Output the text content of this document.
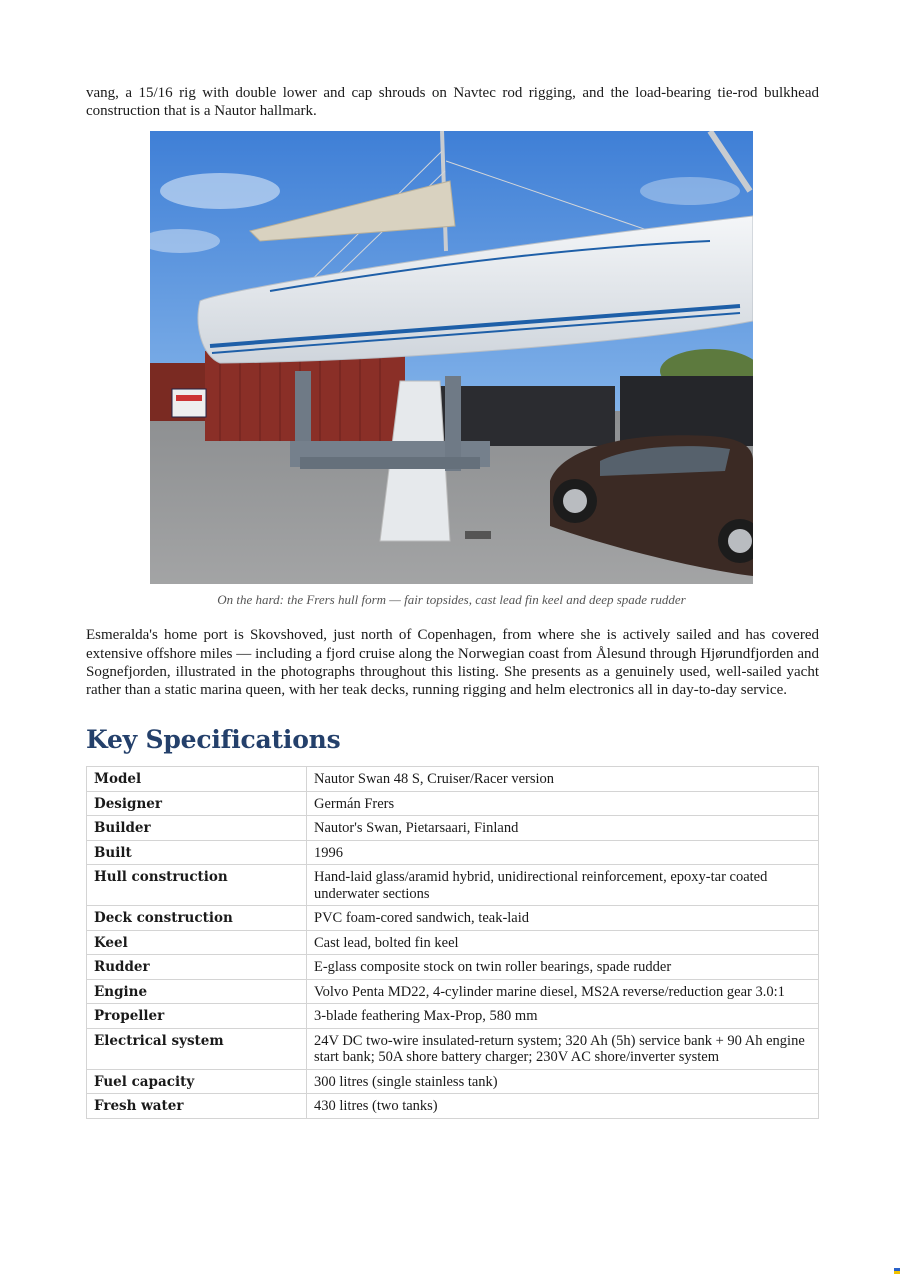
vang, a 15/16 rig with double lower and cap shrouds on Navtec rod rigging, and the load-bearing tie-rod bulkhead construction that is a Nautor hallmark.

On the hard: the Frers hull form — fair topsides, cast lead fin keel and deep spade rudder

Esmeralda's home port is Skovshoved, just north of Copenhagen, from where she is actively sailed and has covered extensive offshore miles — including a fjord cruise along the Norwegian coast from Ålesund through Hjørundfjorden and Sognefjorden, illustrated in the photographs throughout this listing. She presents as a genuinely used, well-sailed yacht rather than a static marina queen, with her teak decks, running rigging and helm electronics all in day-to-day service.

Key Specifications
Model	Nautor Swan 48 S, Cruiser/Racer version
Designer	Germán Frers
Builder	Nautor's Swan, Pietarsaari, Finland
Built	1996
Hull construction	Hand-laid glass/aramid hybrid, unidirectional reinforcement, epoxy-tar coated underwater sections
Deck construction	PVC foam-cored sandwich, teak-laid
Keel	Cast lead, bolted fin keel
Rudder	E-glass composite stock on twin roller bearings, spade rudder
Engine	Volvo Penta MD22, 4-cylinder marine diesel, MS2A reverse/reduction gear 3.0:1
Propeller	3-blade feathering Max-Prop, 580 mm
Electrical system	24V DC two-wire insulated-return system; 320 Ah (5h) service bank + 90 Ah engine start bank; 50A shore battery charger; 230V AC shore/inverter system
Fuel capacity	300 litres (single stainless tank)
Fresh water	430 litres (two tanks)
